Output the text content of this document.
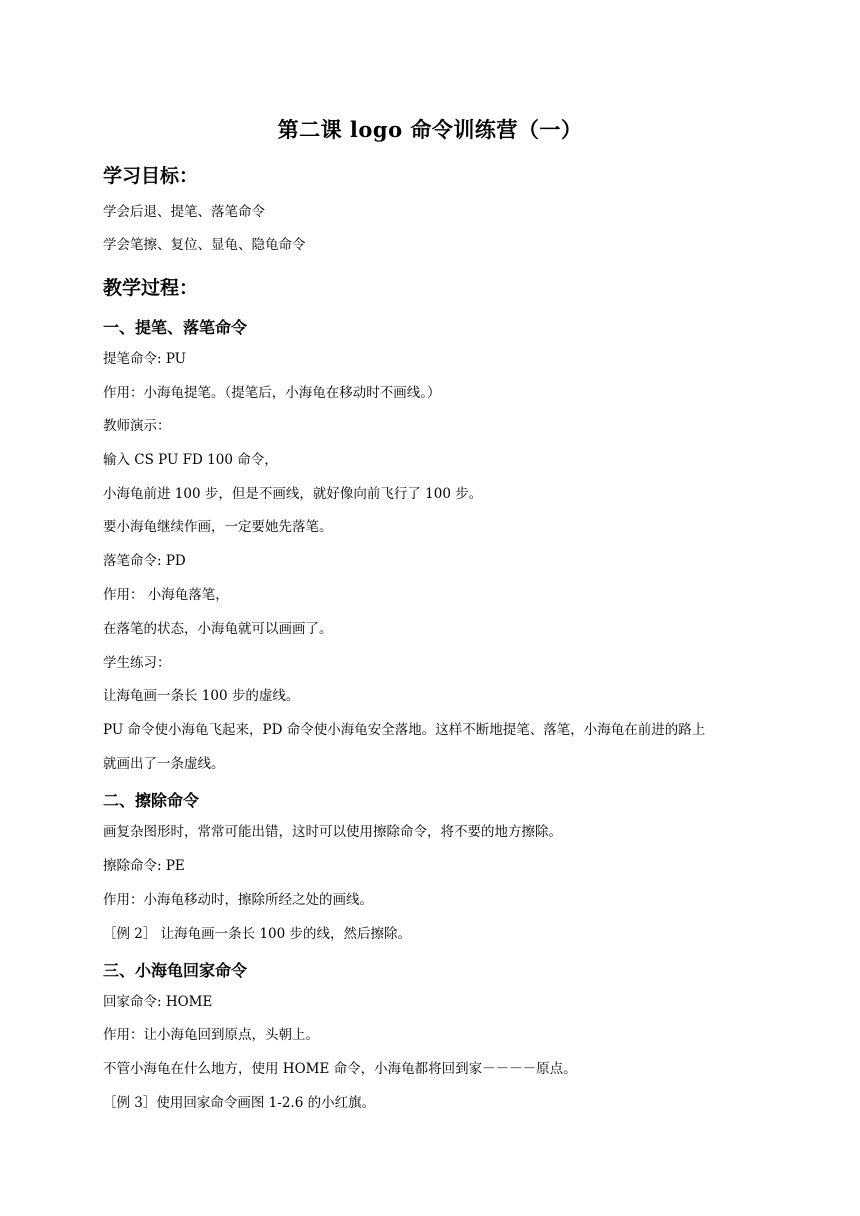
第二课 logo 命令训练营（一）
学习目标：
学会后退、提笔、落笔命令
学会笔擦、复位、显龟、隐龟命令
教学过程：
一、提笔、落笔命令
提笔命令: PU
作用：小海龟提笔。（提笔后，小海龟在移动时不画线。）
教师演示：
输入 CS PU FD 100 命令，
小海龟前进 100 步，但是不画线，就好像向前飞行了 100 步。
要小海龟继续作画，一定要她先落笔。
落笔命令: PD
作用： 小海龟落笔，
在落笔的状态，小海龟就可以画画了。
学生练习：
让海龟画一条长 100 步的虚线。
PU 命令使小海龟飞起来，PD 命令使小海龟安全落地。这样不断地提笔、落笔，小海龟在前进的路上
就画出了一条虚线。
二、擦除命令
画复杂图形时，常常可能出错，这时可以使用擦除命令，将不要的地方擦除。
擦除命令: PE
作用：小海龟移动时，擦除所经之处的画线。
［例 2］ 让海龟画一条长 100 步的线，然后擦除。
三、小海龟回家命令
回家命令: HOME
作用：让小海龟回到原点，头朝上。
不管小海龟在什么地方，使用 HOME 命令，小海龟都将回到家－－－－原点。
［例 3］使用回家命令画图 1-2.6 的小红旗。
